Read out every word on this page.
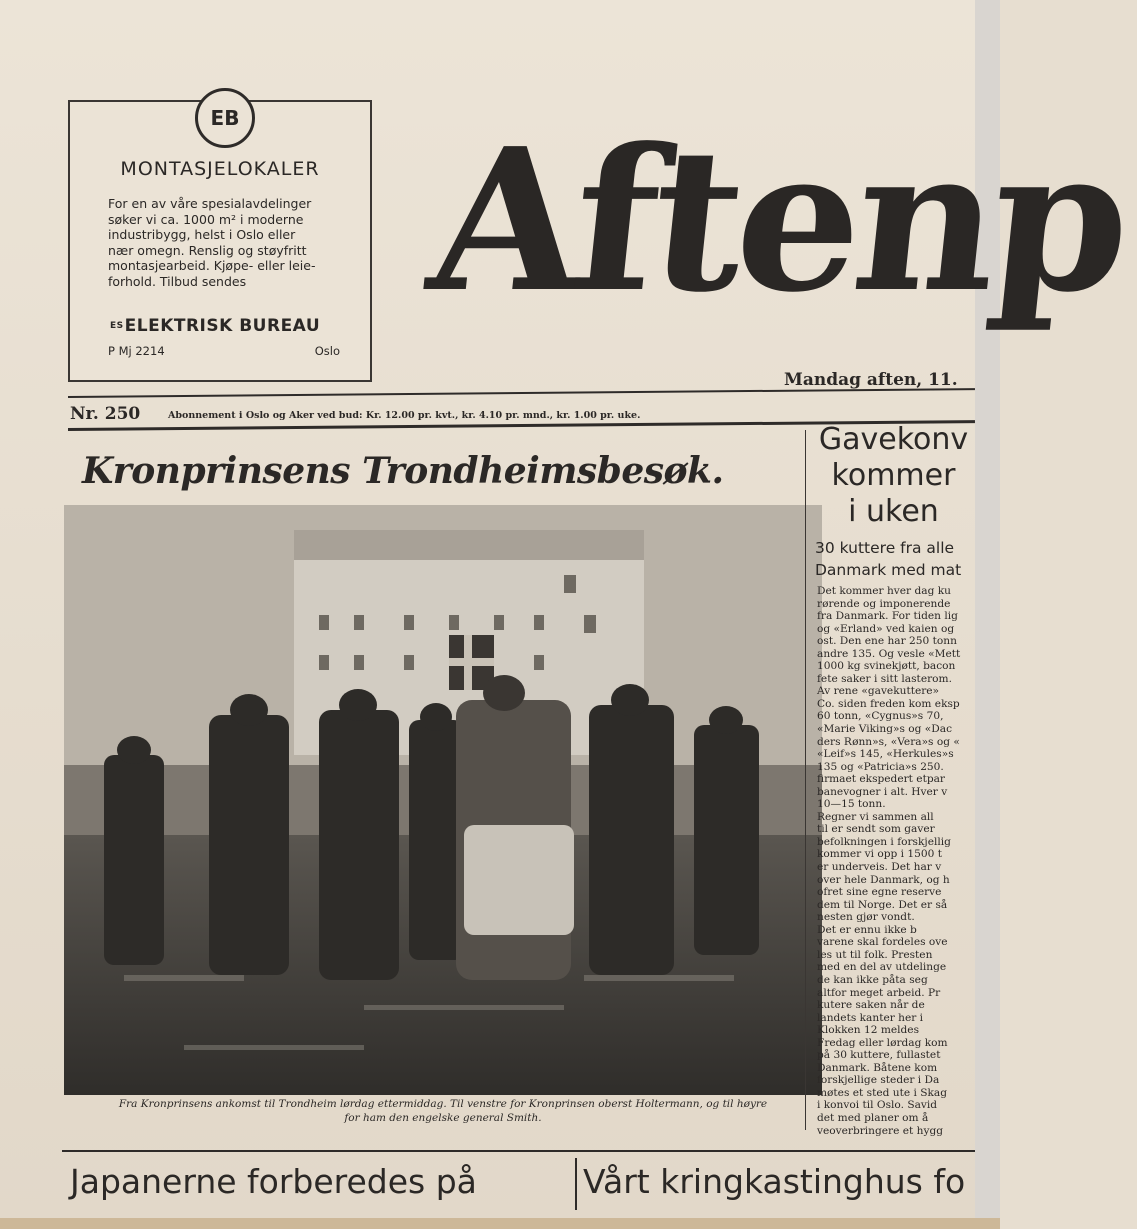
EB
MONTASJELOKALER
For en av våre spesialavdelinger
søker vi ca. 1000 m² i moderne
industribygg, helst i Oslo eller
nær omegn. Renslig og støyfritt
montasjearbeid. Kjøpe- eller leie-
forhold. Tilbud sendes
ESELEKTRISK BUREAU
P Mj 2214	Oslo
Aftenp
Nr. 250	Abonnement i Oslo og Aker ved bud: Kr. 12.00 pr. kvt., kr. 4.10 pr. mnd., kr. 1.00 pr. uke.
Mandag aften, 11.
Kronprinsens Trondheimsbesøk.
Fra Kronprinsens ankomst til Trondheim lørdag ettermiddag. Til venstre for Kronprinsen oberst Holtermann, og til høyre
for ham den engelske general Smith.
Gavekonv
kommer
i uken
30 kuttere fra alle
Danmark med mat
Det kommer hver dag ku
rørende og imponerende
fra Danmark. For tiden lig
og «Erland» ved kaien og
ost. Den ene har 250 tonn
andre 135. Og vesle «Mett
1000 kg svinekjøtt, bacon
fete saker i sitt lasterom.
Av rene «gavekuttere»
Co. siden freden kom eksp
60 tonn, «Cygnus»s 70,
«Marie Viking»s og «Dac
ders Rønn»s, «Vera»s og «
«Leif»s 145, «Herkules»s
135 og «Patricia»s 250.
firmaet ekspedert etpar
banevogner i alt. Hver v
10—15 tonn.
Regner vi sammen all
til er sendt som gaver
befolkningen i forskjellig
kommer vi opp i 1500 t
er underveis. Det har v
over hele Danmark, og h
ofret sine egne reserve
dem til Norge. Det er så
nesten gjør vondt.
Det er ennu ikke b
varene skal fordeles ove
les ut til folk. Presten
med en del av utdelinge
de kan ikke påta seg
altfor meget arbeid. Pr
kutere saken når de
landets kanter her i
Klokken 12 meldes
Fredag eller lørdag kom
på 30 kuttere, fullastet
Danmark. Båtene kom
forskjellige steder i Da
møtes et sted ute i Skag
i konvoi til Oslo. Savid
det med planer om å
veoverbringere et hygg
Japanerne forberedes på	Vårt kringkastinghus fo
